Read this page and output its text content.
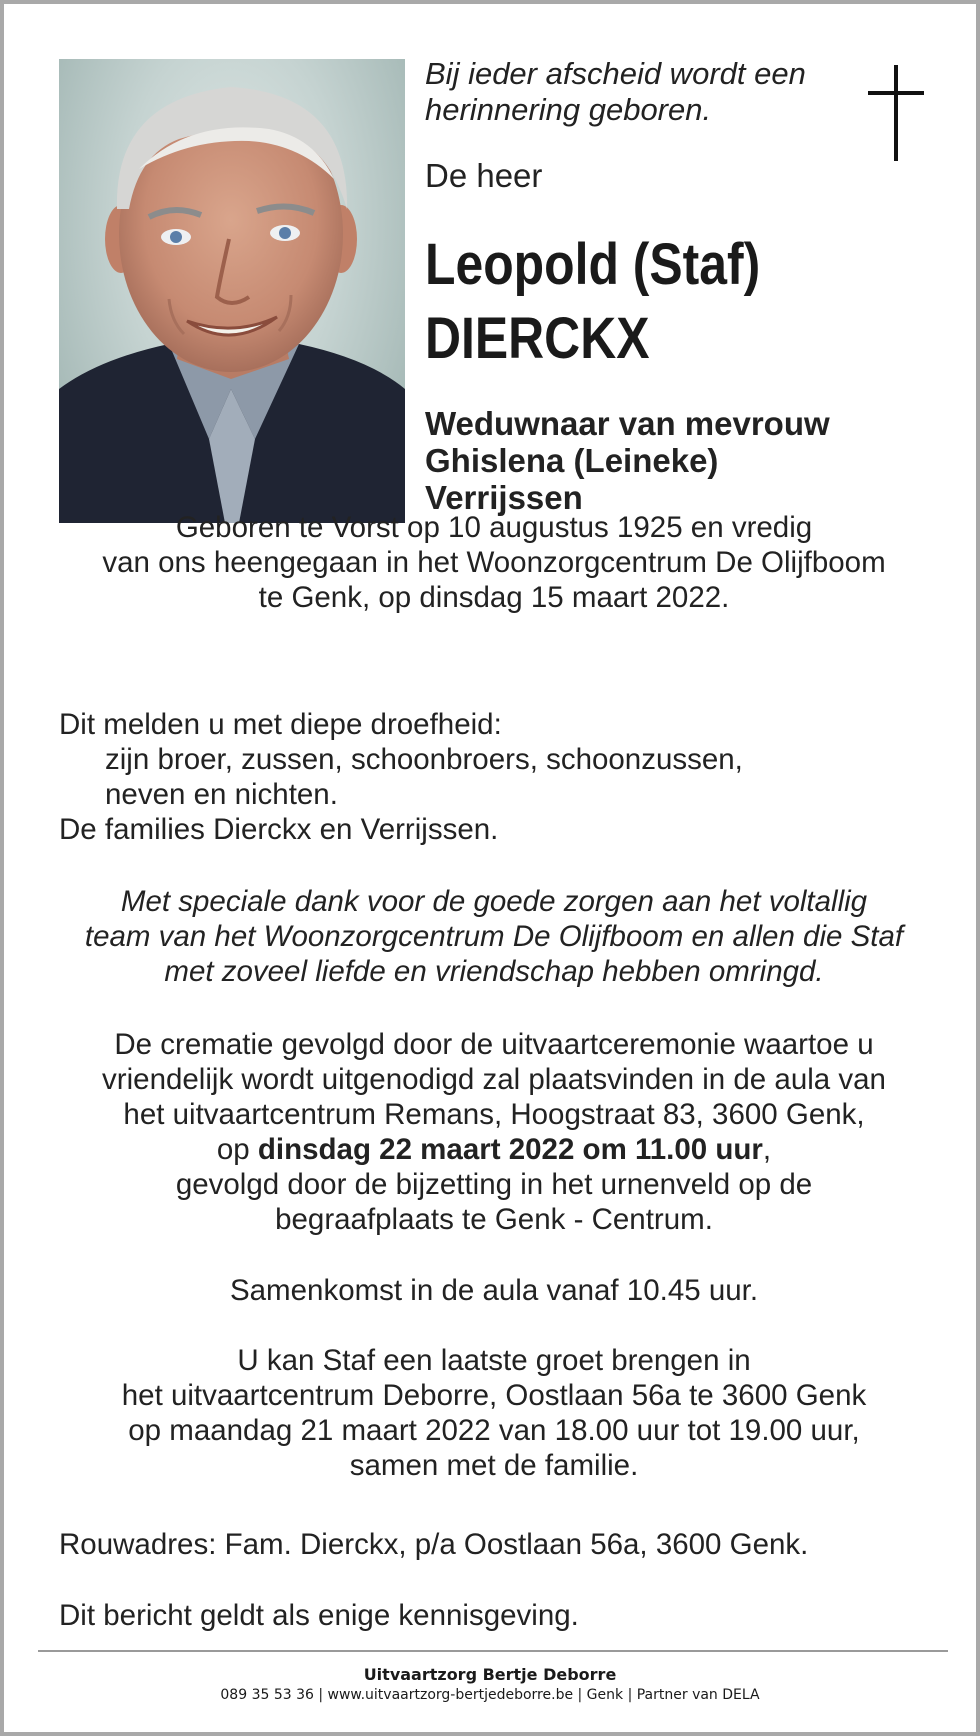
Bij ieder afscheid wordt een
herinnering geboren.
De heer
Leopold (Staf)
DIERCKX
Weduwnaar van mevrouw
Ghislena (Leineke)
Verrijssen
Geboren te Vorst op 10 augustus 1925 en vredig
van ons heengegaan in het Woonzorgcentrum De Olijfboom
te Genk, op dinsdag 15 maart 2022.
Dit melden u met diepe droefheid:
zijn broer, zussen, schoonbroers, schoonzussen,
neven en nichten.
De families Dierckx en Verrijssen.
Met speciale dank voor de goede zorgen aan het voltallig
team van het Woonzorgcentrum De Olijfboom en allen die Staf
met zoveel liefde en vriendschap hebben omringd.
De crematie gevolgd door de uitvaartceremonie waartoe u
vriendelijk wordt uitgenodigd zal plaatsvinden in de aula van
het uitvaartcentrum Remans, Hoogstraat 83, 3600 Genk,
op dinsdag 22 maart 2022 om 11.00 uur,
gevolgd door de bijzetting in het urnenveld op de
begraafplaats te Genk - Centrum.
Samenkomst in de aula vanaf 10.45 uur.
U kan Staf een laatste groet brengen in
het uitvaartcentrum Deborre, Oostlaan 56a te 3600 Genk
op maandag 21 maart 2022 van 18.00 uur tot 19.00 uur,
samen met de familie.
Rouwadres: Fam. Dierckx, p/a Oostlaan 56a, 3600 Genk.
Dit bericht geldt als enige kennisgeving.
Uitvaartzorg Bertje Deborre
089 35 53 36 | www.uitvaartzorg-bertjedeborre.be | Genk | Partner van DELA
